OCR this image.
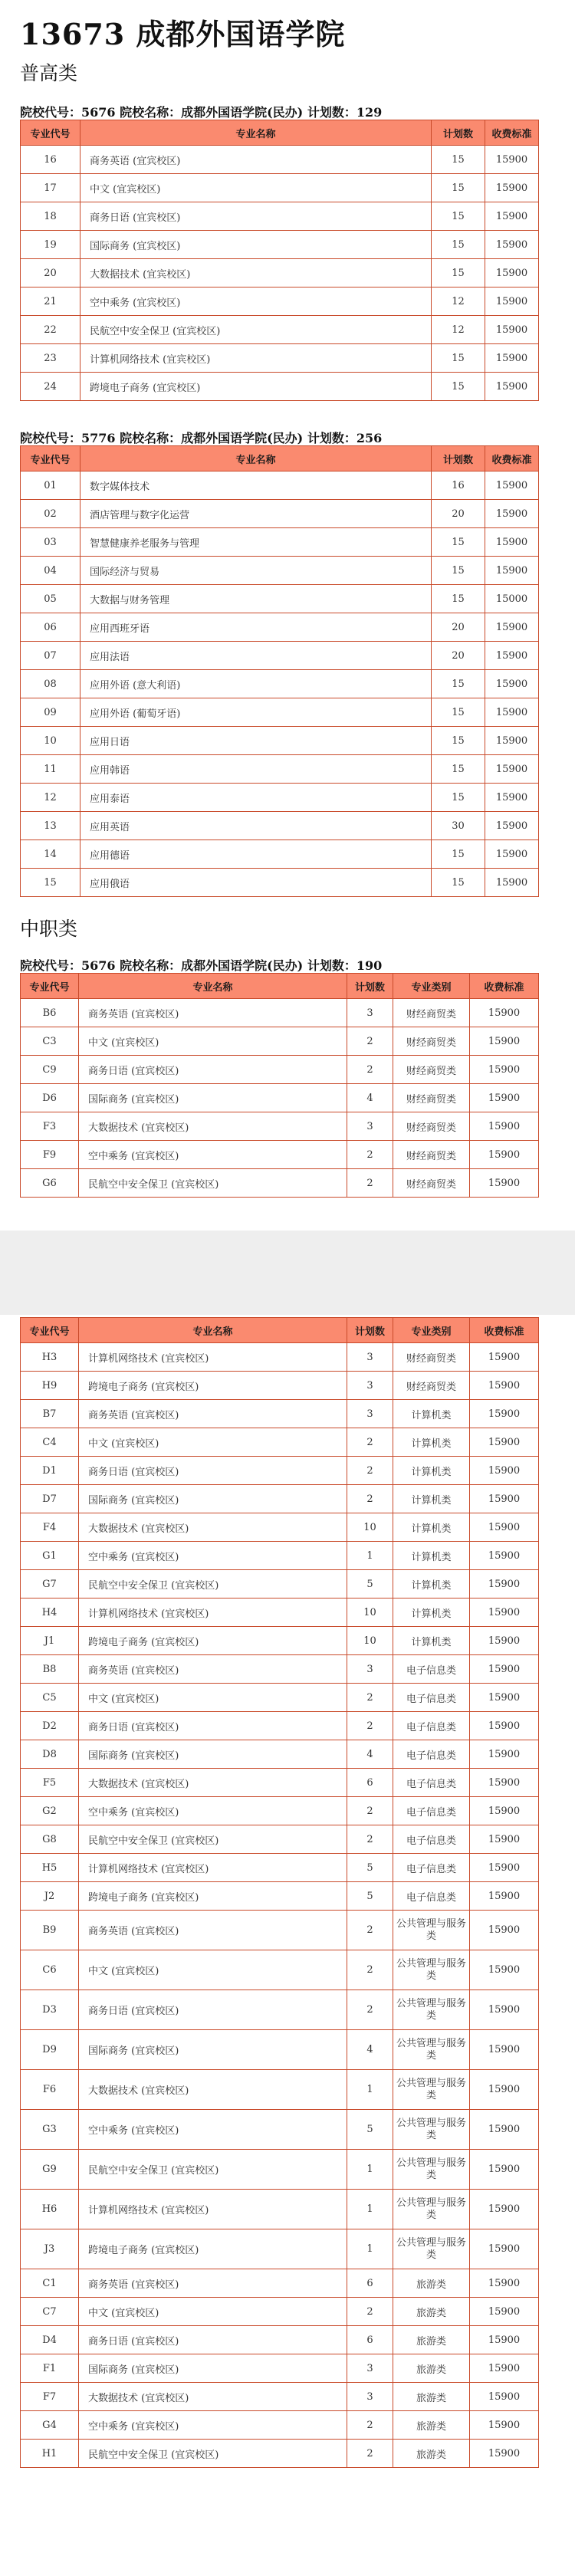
13673 成都外国语学院
普高类
院校代号：5676 院校名称：成都外国语学院(民办) 计划数：129
专业代号	专业名称	计划数	收费标准
16	商务英语 (宜宾校区)	15	15900
17	中文 (宜宾校区)	15	15900
18	商务日语 (宜宾校区)	15	15900
19	国际商务 (宜宾校区)	15	15900
20	大数据技术 (宜宾校区)	15	15900
21	空中乘务 (宜宾校区)	12	15900
22	民航空中安全保卫 (宜宾校区)	12	15900
23	计算机网络技术 (宜宾校区)	15	15900
24	跨境电子商务 (宜宾校区)	15	15900
院校代号：5776 院校名称：成都外国语学院(民办) 计划数：256
专业代号	专业名称	计划数	收费标准
01	数字媒体技术	16	15900
02	酒店管理与数字化运营	20	15900
03	智慧健康养老服务与管理	15	15900
04	国际经济与贸易	15	15900
05	大数据与财务管理	15	15000
06	应用西班牙语	20	15900
07	应用法语	20	15900
08	应用外语 (意大利语)	15	15900
09	应用外语 (葡萄牙语)	15	15900
10	应用日语	15	15900
11	应用韩语	15	15900
12	应用泰语	15	15900
13	应用英语	30	15900
14	应用德语	15	15900
15	应用俄语	15	15900
中职类
院校代号：5676 院校名称：成都外国语学院(民办) 计划数：190
专业代号	专业名称	计划数	专业类别	收费标准
B6	商务英语 (宜宾校区)	3	财经商贸类	15900
C3	中文 (宜宾校区)	2	财经商贸类	15900
C9	商务日语 (宜宾校区)	2	财经商贸类	15900
D6	国际商务 (宜宾校区)	4	财经商贸类	15900
F3	大数据技术 (宜宾校区)	3	财经商贸类	15900
F9	空中乘务 (宜宾校区)	2	财经商贸类	15900
G6	民航空中安全保卫 (宜宾校区)	2	财经商贸类	15900
专业代号	专业名称	计划数	专业类别	收费标准
H3	计算机网络技术 (宜宾校区)	3	财经商贸类	15900
H9	跨境电子商务 (宜宾校区)	3	财经商贸类	15900
B7	商务英语 (宜宾校区)	3	计算机类	15900
C4	中文 (宜宾校区)	2	计算机类	15900
D1	商务日语 (宜宾校区)	2	计算机类	15900
D7	国际商务 (宜宾校区)	2	计算机类	15900
F4	大数据技术 (宜宾校区)	10	计算机类	15900
G1	空中乘务 (宜宾校区)	1	计算机类	15900
G7	民航空中安全保卫 (宜宾校区)	5	计算机类	15900
H4	计算机网络技术 (宜宾校区)	10	计算机类	15900
J1	跨境电子商务 (宜宾校区)	10	计算机类	15900
B8	商务英语 (宜宾校区)	3	电子信息类	15900
C5	中文 (宜宾校区)	2	电子信息类	15900
D2	商务日语 (宜宾校区)	2	电子信息类	15900
D8	国际商务 (宜宾校区)	4	电子信息类	15900
F5	大数据技术 (宜宾校区)	6	电子信息类	15900
G2	空中乘务 (宜宾校区)	2	电子信息类	15900
G8	民航空中安全保卫 (宜宾校区)	2	电子信息类	15900
H5	计算机网络技术 (宜宾校区)	5	电子信息类	15900
J2	跨境电子商务 (宜宾校区)	5	电子信息类	15900
B9	商务英语 (宜宾校区)	2	公共管理与服务类	15900
C6	中文 (宜宾校区)	2	公共管理与服务类	15900
D3	商务日语 (宜宾校区)	2	公共管理与服务类	15900
D9	国际商务 (宜宾校区)	4	公共管理与服务类	15900
F6	大数据技术 (宜宾校区)	1	公共管理与服务类	15900
G3	空中乘务 (宜宾校区)	5	公共管理与服务类	15900
G9	民航空中安全保卫 (宜宾校区)	1	公共管理与服务类	15900
H6	计算机网络技术 (宜宾校区)	1	公共管理与服务类	15900
J3	跨境电子商务 (宜宾校区)	1	公共管理与服务类	15900
C1	商务英语 (宜宾校区)	6	旅游类	15900
C7	中文 (宜宾校区)	2	旅游类	15900
D4	商务日语 (宜宾校区)	6	旅游类	15900
F1	国际商务 (宜宾校区)	3	旅游类	15900
F7	大数据技术 (宜宾校区)	3	旅游类	15900
G4	空中乘务 (宜宾校区)	2	旅游类	15900
H1	民航空中安全保卫 (宜宾校区)	2	旅游类	15900
